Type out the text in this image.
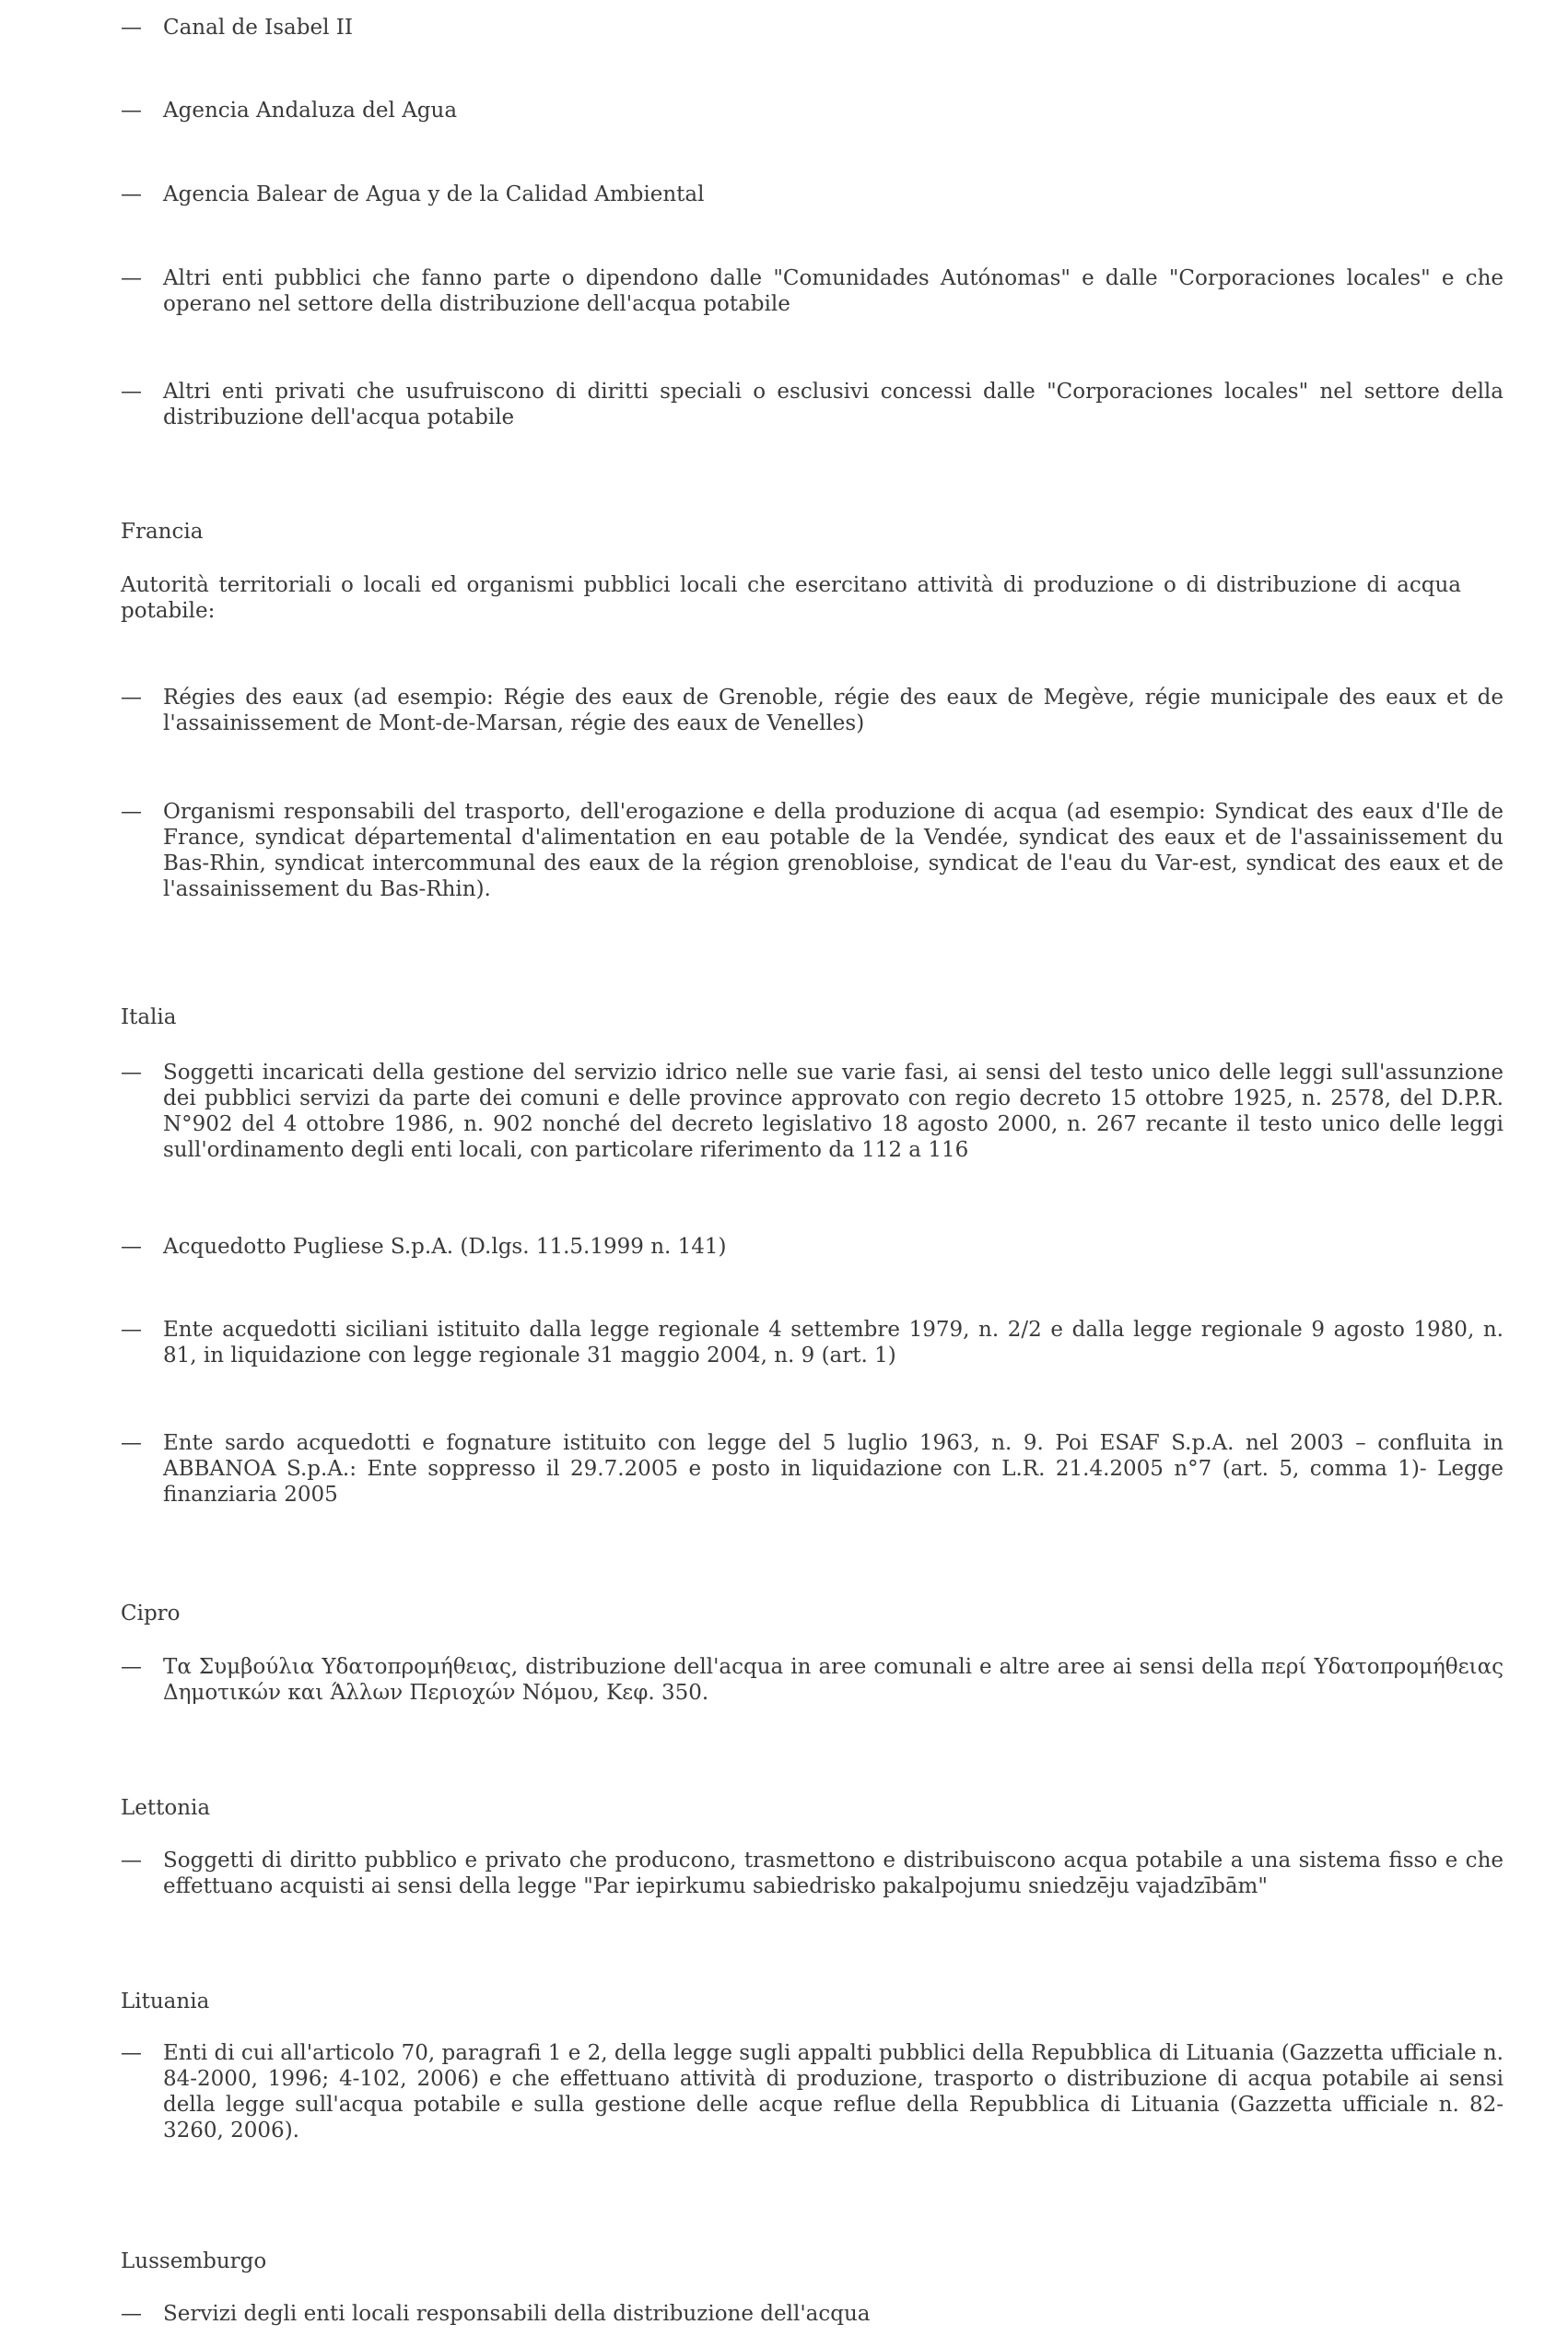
—	Canal de Isabel II
—	Agencia Andaluza del Agua
—	Agencia Balear de Agua y de la Calidad Ambiental
—	Altri enti pubblici che fanno parte o dipendono dalle "Comunidades Autónomas" e dalle "Corporaciones locales" e che operano nel settore della distribuzione dell'acqua potabile
—	Altri enti privati che usufruiscono di diritti speciali o esclusivi concessi dalle "Corporaciones locales" nel settore della distribuzione dell'acqua potabile
Francia
Autorità territoriali o locali ed organismi pubblici locali che esercitano attività di produzione o di distribuzione di acqua potabile:
—	Régies des eaux (ad esempio: Régie des eaux de Grenoble, régie des eaux de Megève, régie municipale des eaux et de l'assainissement de Mont-de-Marsan, régie des eaux de Venelles)
—	Organismi responsabili del trasporto, dell'erogazione e della produzione di acqua (ad esempio: Syndicat des eaux d'Ile de France, syndicat départemental d'alimentation en eau potable de la Vendée, syndicat des eaux et de l'assainissement du Bas-Rhin, syndicat intercommunal des eaux de la région grenobloise, syndicat de l'eau du Var-est, syndicat des eaux et de l'assainissement du Bas-Rhin).
Italia
—	Soggetti incaricati della gestione del servizio idrico nelle sue varie fasi, ai sensi del testo unico delle leggi sull'assunzione dei pubblici servizi da parte dei comuni e delle province approvato con regio decreto 15 ottobre 1925, n. 2578, del D.P.R. N°902 del 4 ottobre 1986, n. 902 nonché del decreto legislativo 18 agosto 2000, n. 267 recante il testo unico delle leggi sull'ordinamento degli enti locali, con particolare riferimento da 112 a 116
—	Acquedotto Pugliese S.p.A. (D.lgs. 11.5.1999 n. 141)
—	Ente acquedotti siciliani istituito dalla legge regionale 4 settembre 1979, n. 2/2 e dalla legge regionale 9 agosto 1980, n. 81, in liquidazione con legge regionale 31 maggio 2004, n. 9 (art. 1)
—	Ente sardo acquedotti e fognature istituito con legge del 5 luglio 1963, n. 9. Poi ESAF S.p.A. nel 2003 – confluita in ABBANOA S.p.A.: Ente soppresso il 29.7.2005 e posto in liquidazione con L.R. 21.4.2005 n°7 (art. 5, comma 1)- Legge finanziaria 2005
Cipro
—	Τα Συμβούλια Υδατοπρομήθειας, distribuzione dell'acqua in aree comunali e altre aree ai sensi della περί Υδατοπρομήθειας Δημοτικών και Άλλων Περιοχών Νόμου, Κεφ. 350.
Lettonia
—	Soggetti di diritto pubblico e privato che producono, trasmettono e distribuiscono acqua potabile a una sistema fisso e che effettuano acquisti ai sensi della legge "Par iepirkumu sabiedrisko pakalpojumu sniedzēju vajadzībām"
Lituania
—	Enti di cui all'articolo 70, paragrafi 1 e 2, della legge sugli appalti pubblici della Repubblica di Lituania (Gazzetta ufficiale n. 84-2000, 1996; 4-102, 2006) e che effettuano attività di produzione, trasporto o distribuzione di acqua potabile ai sensi della legge sull'acqua potabile e sulla gestione delle acque reflue della Repubblica di Lituania (Gazzetta ufficiale n. 82-3260, 2006).
Lussemburgo
—	Servizi degli enti locali responsabili della distribuzione dell'acqua
